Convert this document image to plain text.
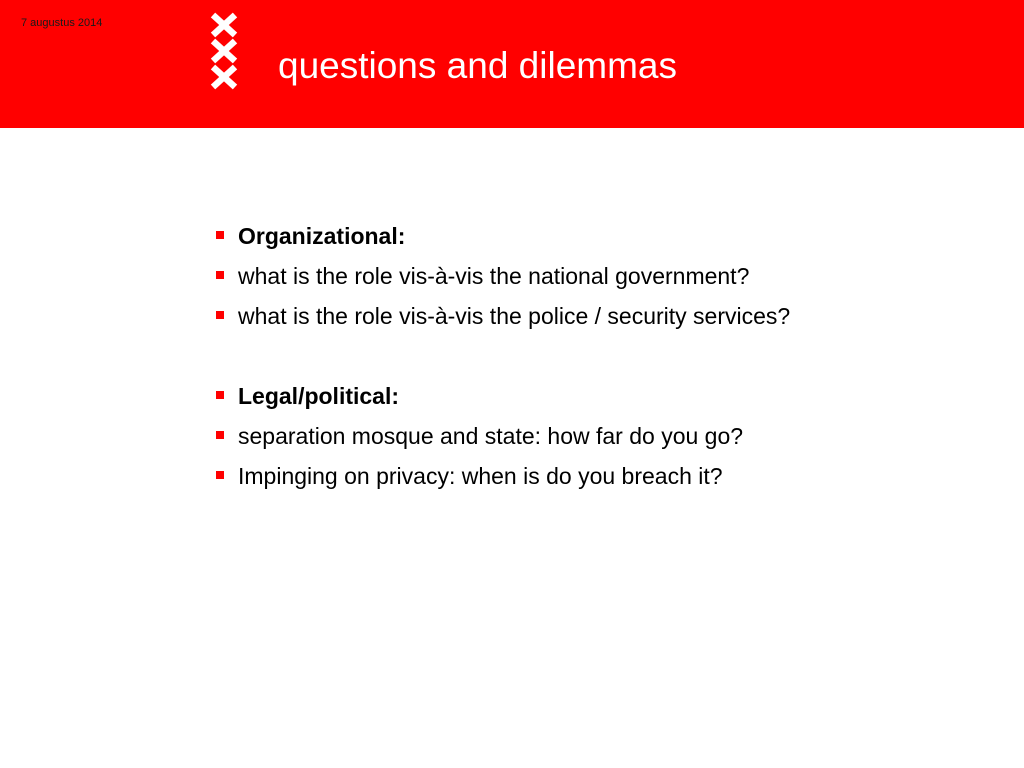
7 augustus 2014
questions and dilemmas
Organizational:
what is the role vis-à-vis the national government?
what is the role vis-à-vis the police / security services?
Legal/political:
separation mosque and state: how far do you go?
Impinging on privacy: when is do you breach it?
